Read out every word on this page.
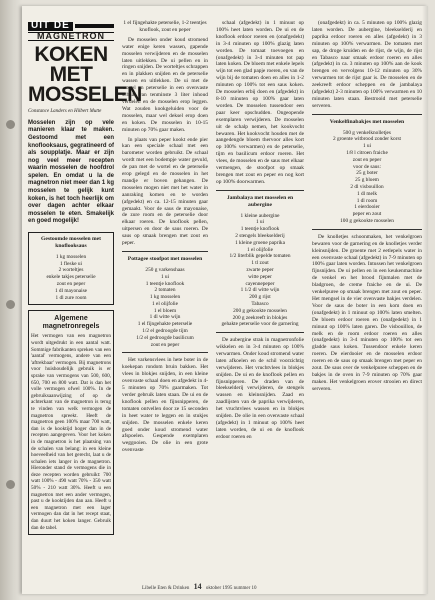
UIT DE
MAGNETRON
KOKEN
MET
MOSSELEN
Constance Landers en Hilbert Mutte
Mosselen zijn op vele manieren klaar te maken. Gestoomd met een knoflooksaus, gegratineerd of als soupplatje. Maar er zijn nog veel meer recepten waarin mosselen de hoofdrol spelen. En omdat u la de magnetron niet meer dan 1 kg mosselen te gelijk kunt koken, is het toch heerlijk om over dagen achter elkaar mosselen te eten. Smakelijk en goed mogelijk!
Gestoomde mosselen met knoflooksaus
1 kg mosselen
1 fleske ui
2 worteltjes
enkele takjes peterselie
zout en peper
1 dl mayonaise
1 dl zure room
Algemene magnetronregels
Het vermogen van een magnetron wordt uitgedrukt in een aantal watt. Sommige fabrikanten spreken van een 'aantal' vermogens, andere van een 'aftrekbaar' vermogen. Bij magnetrons voor huishoudelijk gebruik is er sprake van vermogens van 500, 600, 650, 700 en 800 watt. Dat is dan het volle vermogen ofwel 100%. In de gebruiksaanwijzing of op de achterkant van de magnetron is terug te vinden van welk vermogen de magnetron spreekt. Heeft de magnetron geen 100% maar 700 watt, dan is de kooktijd hoger dan in de recepten aangegeven. Voor het koken in de magnetron is het plaatsing van de schalen van belang: in een kleine hoeveelheid van het gerecht, laat u de schalen iets langer in de magnetron. Hieronder stand de vermogens die in deze recepten worden gebruikt: 700 watt 100% - 490 watt 70% - 350 watt 50% - 210 watt 30%. Heeft u een magnetron met een ander vermogen, past u de kooktijden dan aan. Heeft u een magnetron met een lager vermogen dan dat in het recept staat, dan duurt het koken langer. Gebruik dan de tabel.

1 el fijngehakte peterselie, 1-2 teentjes knoflook, zout en peper

De mosselen onder koud stromend water enige keren wassen, gapende mosselen verwijderen en de mosselen laten uitlekken. De ui pellen en in ringen snijden. De worteltjes schrappen en in plakken snijden en de peterselie wassen en uitlekken. De ui met de wortel en peterselie in een ovenvaste schaal van tenminste 3 liter inhoud verdelen en de mosselen erop leggen. Wat zouden kookgeluiden voor de mosselen, maar wel deksel erop doen en koken. De mosselen in 10-15 minuten op 70% gaar maken.

In plaats van peper kookt ende pier kan een speciale schaal met een barometer worden gebruikt. De schaal wordt met een bodempje water gevuld, de pan met de wortel en de peterselie erop gelegd en de mosselen in het mandje er boven gehangen. De mosselen mogen niet met het water in aanraking komen en te worden (afgedekt) en ca. 12-15 minuten gaar gemaakt. Voor de saus de mayonaise, de zure room en de peterselie door elkaar roeren. De knoflook pellen, uitpersen en door de saus roeren. De saus op smaak brengen met zout en peper.

Pottagee stoofpot met mosselen
250 g varkenshaas
1 ui
1 teentje knoflook
2 tomaten
1 kg mosselen
1 el olijfolie
1 el bloem
1 dl witte wijn
1 el fijngehakte peterselie
1/2 el gedroogde tijm
1/2 el gedroogde basilicum
zout en peper

Het varkensvlees in hete boter in de koekepan rondom bruin bakken. Het vlees in blokjes snijden, in een kleine ovenvaste schaal doen en afgedekt in 4-5 minuten op 70% gaarmaken. Tot verder gebruik laten staan. De ui en de knoflook pellen en fijnsnipperen, de tomaten ontvellen door ze 15 seconden in heet water te leggen en in stukjes snijden. De mosselen enkele keren goed onder koud stromend water afspoelen. Gespende exemplaren weggooien. De olie in een grote ovenvaste

schaal (afgedekt) in 1 minuut op 100% heet laten worden. De ui en de knoflook erdoor roeren en (onafgedekt) in 3-4 minuten op 100% glazig laten worden. De tomaat toevoegen en (onafgedekt) in 3-4 minuten tot pap laten koken. De bloem met enkele lepels wijn tot een glad papje roeren, en van de wijn bij de tomaten doen en alles in 1-2 minuten op 100% tot een saus koken. De mosselen erbij doen en (afgedekt) in 8-10 minuten op 100% gaar laten worden. De mosselen tussendoor een paar keer opschudden. Ongeopende exemplaren verwijderen. De mosselen uit de schalp nemen, het kookvocht bewaren. Het kookvocht houden met de aangedengde bloem thervoor alles kort op 100% verwarmen) en de peterselie, tijm en basilicum erdoor roeren. Het vlees, de mosselen en de saus met elkaar vermengen, de stoofpot op smaak brengen met zout en peper en nog kort op 100% doorwarmen.

Jambalaya met mosselen en aubergine
1 kleine aubergine
1 ui
1 teentje knoflook
2 stengels bleekselderij
1 kleine groene paprika
1 el olijfolie
1/2 literblik gepelde tomaten
1 tl zout
zwarte peper
witte peper
cayennepeper
1 1/2 dl witte wijn
200 g rijst
Tabasco
200 g gekookte mosselen
200 g zeekreeft in blokjes
gehakte peterselie voor de garnering

De aubergine strak in magnetronfolie wikkelen en in 3-4 minuten op 100% verwarmen. Onder koud stromend water laten afkoelen en de schil voorzichtig verwijderen. Het vruchtvlees in blokjes snijden. De ui en de knoflook pellen en fijnsnipperen. De draden van de bleekselderij verwijderen, de stengels wassen en kleinsnijden. Zaad en zaadlijsten van de paprika verwijderen, het vruchtvlees wassen en in blokjes snijden. De olie in een ovenvaste schaal (afgedekt) in 1 minuut op 100% heet laten worden, de ui en de knoflook erdoor roeren en

(onafgedekt) in ca. 5 minuten op 100% glazig laten worden. De aubergine, bleekselderij en paprika erdoor roeren en alles (afgedekt) in 3 minuten op 100% verwarmen. De tomaten met sap, de droge kruiden en de rijst, de wijn, de rijst en Tabasco naar smaak erdoor roeren en alles (afgedekt) in ca. 3 minuten op 100% aan de kook brengen en vervolgens 10-12 minuten op 30% verwarmen tot de rijst gaar is. De mosselen en de zeekreeft erdoor scheppen en de jambalaya (afgedekt) 2-3 minuten op 100% verwarmen en 10 minuten laten staan. Bestrooid met peterselie serveren.

Venkelfinabakjes met mosselen
500 g venkelknolletjes
2 groente witbrood zonder korst
1 ui
1/8 l citroen fraiche
zout en peper
voor de saus:
25 g boter
25 g bloem
2 dl visbouillon
1 dl melk
1 dl room
1 eierdooier
peper en zout
100 g gekookte mosselen

De knolletjes schoonmaken, het venkelgroen bewaren voor de garnering en de knolletjes verder kleinsnijden. De groente met 2 eetlepels water in een ovenvaste schaal (afgedekt) in 7-9 minuten op 100% gaar laten worden. Intussen het venkelgroen fijnsnijden. De ui pellen en in een keukenmachine de venkel en het brood fijnmalen met de bladgroen, de creme fraiche en de ui. De venkelpuree op smaak brengen met zout en peper. Het mengsel in de vier ovenvaste bakjes verdelen. Voor de saus de boter in een kom doen en (onafgedekt) in 1 minuut op 100% laten smelten. De bloem erdoor roeren en (onafgedekt) in 1 minuut op 100% laten garen. De visbouillon, de melk en de room erdoor roeren en alles (onafgedekt) in 3-4 minuten op 100% tot een gladde saus koken. Tussendoor enkele keren roeren. De eierdooier en de mosselen erdoor roeren en de saus op smaak brengen met peper en zout. De saus over de venkelpuree scheppen en de bakjes in de oven in 7-9 minuten op 70% gaar maken. Het venkelgroen erover strooien en direct serveren.

Libelle Eten & Drinken 14 oktober 1995 nummer 10
